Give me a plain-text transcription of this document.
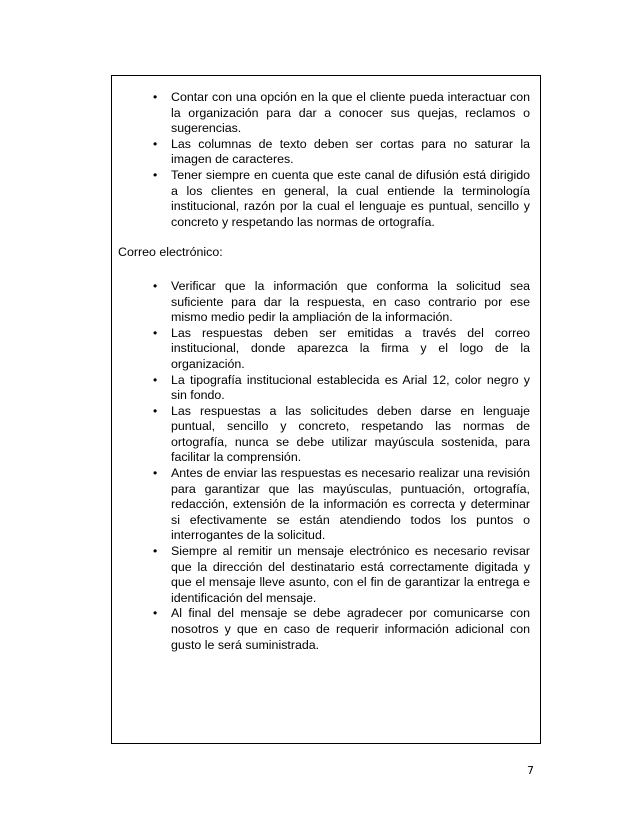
• Contar con una opción en la que el cliente pueda interactuar con la organización para dar a conocer sus quejas, reclamos o sugerencias.
• Las columnas de texto deben ser cortas para no saturar la imagen de caracteres.
• Tener siempre en cuenta que este canal de difusión está dirigido a los clientes en general, la cual entiende la terminología institucional, razón por la cual el lenguaje es puntual, sencillo y concreto y respetando las normas de ortografía.

Correo electrónico:

• Verificar que la información que conforma la solicitud sea suficiente para dar la respuesta, en caso contrario por ese mismo medio pedir la ampliación de la información.
• Las respuestas deben ser emitidas a través del correo institucional, donde aparezca la firma y el logo de la organización.
• La tipografía institucional establecida es Arial 12, color negro y sin fondo.
• Las respuestas a las solicitudes deben darse en lenguaje puntual, sencillo y concreto, respetando las normas de ortografía, nunca se debe utilizar mayúscula sostenida, para facilitar la comprensión.
• Antes de enviar las respuestas es necesario realizar una revisión para garantizar que las mayúsculas, puntuación, ortografía, redacción, extensión de la información es correcta y determinar si efectivamente se están atendiendo todos los puntos o interrogantes de la solicitud.
• Siempre al remitir un mensaje electrónico es necesario revisar que la dirección del destinatario está correctamente digitada y que el mensaje lleve asunto, con el fin de garantizar la entrega e identificación del mensaje.
• Al final del mensaje se debe agradecer por comunicarse con nosotros y que en caso de requerir información adicional con gusto le será suministrada.
7
